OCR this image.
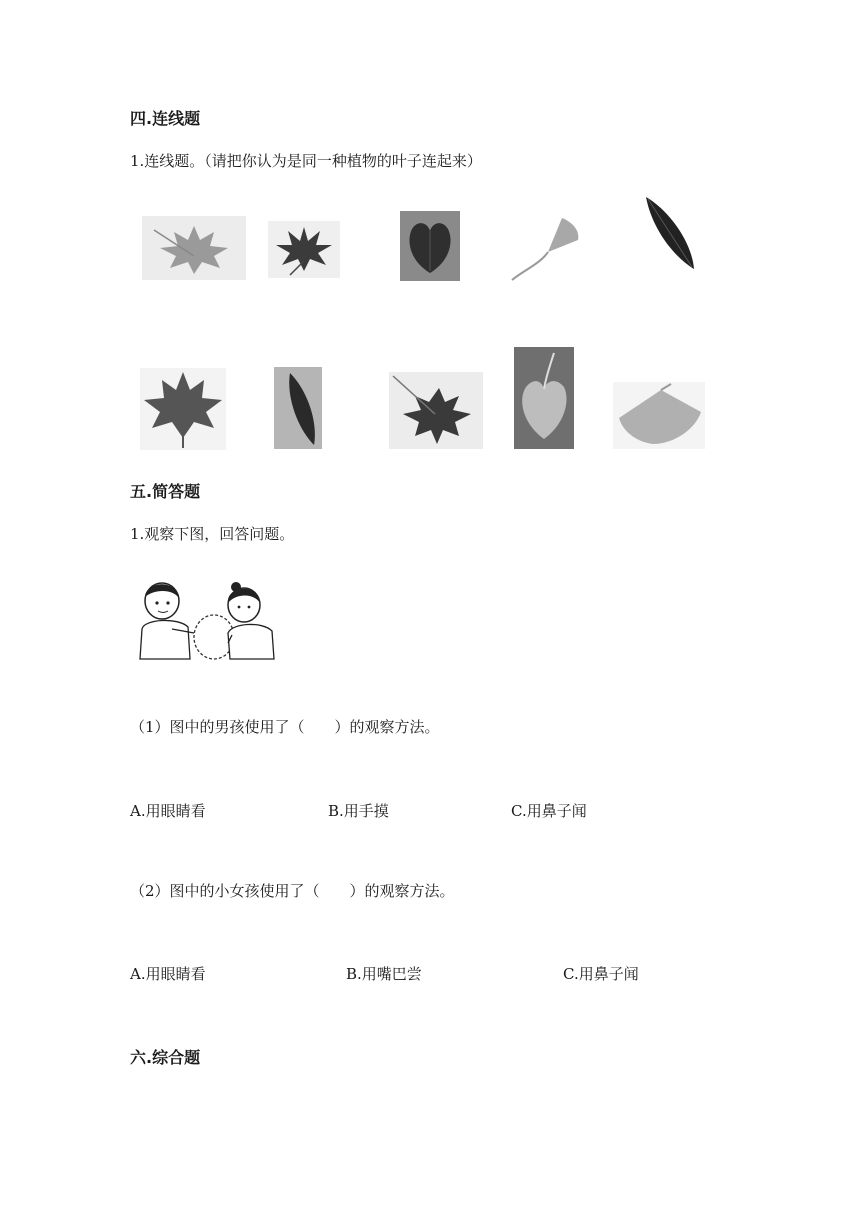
四.连线题
1.连线题。（请把你认为是同一种植物的叶子连起来）
五.简答题
1.观察下图，回答问题。
（1）图中的男孩使用了（　　）的观察方法。
A.用眼睛看	B.用手摸	C.用鼻子闻
（2）图中的小女孩使用了（　　）的观察方法。
A.用眼睛看	B.用嘴巴尝	C.用鼻子闻
六.综合题
